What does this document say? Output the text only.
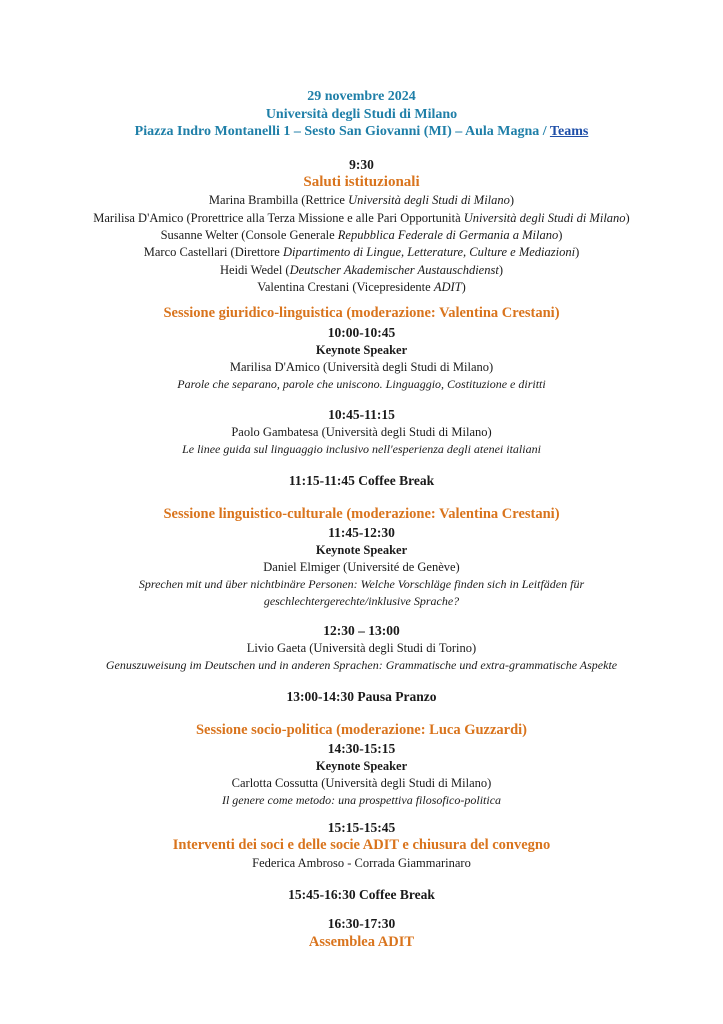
29 novembre 2024
Università degli Studi di Milano
Piazza Indro Montanelli 1 – Sesto San Giovanni (MI) – Aula Magna / Teams
9:30
Saluti istituzionali
Marina Brambilla (Rettrice Università degli Studi di Milano)
Marilisa D'Amico (Prorettrice alla Terza Missione e alle Pari Opportunità Università degli Studi di Milano)
Susanne Welter (Console Generale Repubblica Federale di Germania a Milano)
Marco Castellari (Direttore Dipartimento di Lingue, Letterature, Culture e Mediazioni)
Heidi Wedel (Deutscher Akademischer Austauschdienst)
Valentina Crestani (Vicepresidente ADIT)
Sessione giuridico-linguistica (moderazione: Valentina Crestani)
10:00-10:45
Keynote Speaker
Marilisa D'Amico (Università degli Studi di Milano)
Parole che separano, parole che uniscono. Linguaggio, Costituzione e diritti
10:45-11:15
Paolo Gambatesa (Università degli Studi di Milano)
Le linee guida sul linguaggio inclusivo nell'esperienza degli atenei italiani
11:15-11:45 Coffee Break
Sessione linguistico-culturale (moderazione: Valentina Crestani)
11:45-12:30
Keynote Speaker
Daniel Elmiger (Université de Genève)
Sprechen mit und über nichtbinäre Personen: Welche Vorschläge finden sich in Leitfäden für
geschlechtergerechte/inklusive Sprache?
12:30 – 13:00
Livio Gaeta (Università degli Studi di Torino)
Genuszuweisung im Deutschen und in anderen Sprachen: Grammatische und extra-grammatische Aspekte
13:00-14:30 Pausa Pranzo
Sessione socio-politica (moderazione: Luca Guzzardi)
14:30-15:15
Keynote Speaker
Carlotta Cossutta (Università degli Studi di Milano)
Il genere come metodo: una prospettiva filosofico-politica
15:15-15:45
Interventi dei soci e delle socie ADIT e chiusura del convegno
Federica Ambroso - Corrada Giammarinaro
15:45-16:30 Coffee Break
16:30-17:30
Assemblea ADIT
